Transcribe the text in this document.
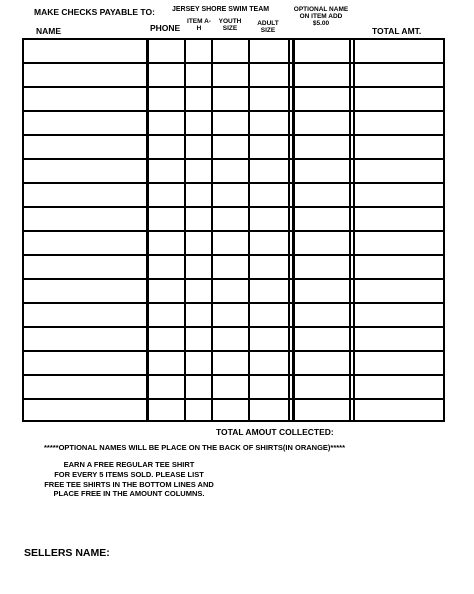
MAKE CHECKS PAYABLE TO: JERSEY SHORE SWIM TEAM
NAME	PHONE
ITEM A-H
YOUTH SIZE
ADULT SIZE
OPTIONAL NAME ON ITEM ADD $5.00
TOTAL AMT.
TOTAL AMOUT COLLECTED:
*****OPTIONAL NAMES WILL BE PLACE ON THE BACK OF SHIRTS(IN ORANGE)*****
EARN A FREE REGULAR TEE SHIRT
FOR EVERY 5 ITEMS SOLD. PLEASE LIST
FREE TEE SHIRTS IN THE BOTTOM LINES AND
PLACE FREE IN THE AMOUNT COLUMNS.
SELLERS NAME:
